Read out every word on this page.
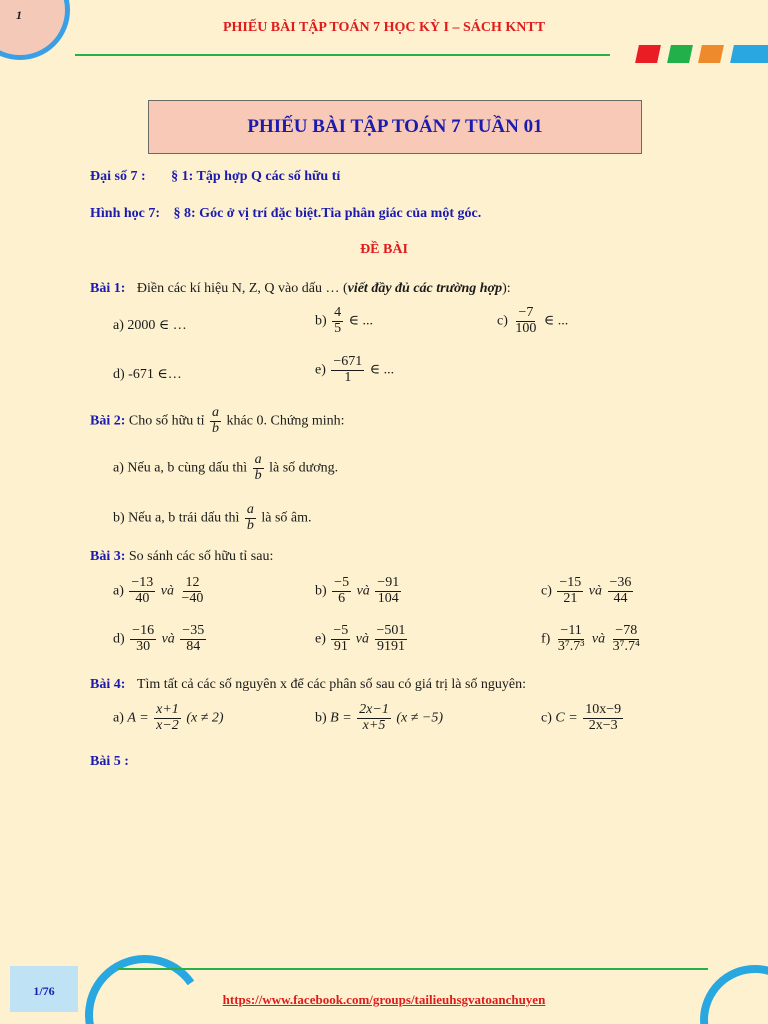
1
PHIẾU BÀI TẬP TOÁN 7 HỌC KỲ I – SÁCH KNTT
PHIẾU BÀI TẬP TOÁN 7 TUẦN 01
Đại số 7 : § 1: Tập hợp Q các số hữu tỉ
Hình học 7: § 8: Góc ở vị trí đặc biệt.Tia phân giác của một góc.
ĐỀ BÀI
Bài 1: Điền các kí hiệu N, Z, Q vào dấu … (viết đầy đủ các trường hợp):
a) 2000 ∈ …	$b) \frac{4}{5}$ ∈ ...	$c) \frac{-7}{100}$ ∈ ...
d) -671 ∈…	$e) \frac{-671}{1}$ ∈ ...
Bài 2: Cho số hữu tỉ $\frac{a}{b}$ khác 0. Chứng minh:
a) Nếu a, b cùng dấu thì $\frac{a}{b}$ là số dương.
b) Nếu a, b trái dấu thì $\frac{a}{b}$ là số âm.
Bài 3: So sánh các số hữu tỉ sau:
$a) \frac{-13}{40}$ và $\frac{12}{-40}$	$b) \frac{-5}{6}$ và $\frac{-91}{104}$	$c) \frac{-15}{21}$ và $\frac{-36}{44}$
$d) \frac{-16}{30}$ và $\frac{-35}{84}$	$e) \frac{-5}{91}$ và $\frac{-501}{9191}$	$f) \frac{-11}{\text{3⁷.7³}}$ và $\frac{-78}{\text{3⁷.7⁴}}$
Bài 4: Tìm tất cả các số nguyên x để các phân số sau có giá trị là số nguyên:
a) $A = \frac{x+1}{x-2} (x \ne 2)$	b) $B = \frac{2x-1}{x+5} (x \ne -5)$	c) $C = \frac{10x-9}{2x-3}$
Bài 5 :
1/76
https://www.facebook.com/groups/tailieuhsgvatoanchuyen
